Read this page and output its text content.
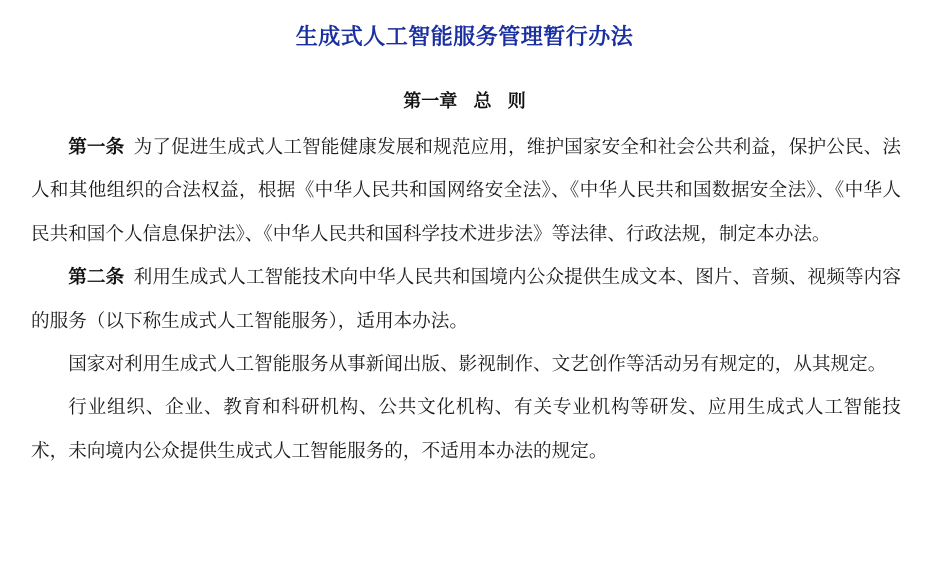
生成式人工智能服务管理暂行办法
第一章 总 则

第一条 为了促进生成式人工智能健康发展和规范应用，维护国家安全和社会公共利益，保护公民、法人和其他组织的合法权益，根据《中华人民共和国网络安全法》、《中华人民共和国数据安全法》、《中华人民共和国个人信息保护法》、《中华人民共和国科学技术进步法》等法律、行政法规，制定本办法。

第二条 利用生成式人工智能技术向中华人民共和国境内公众提供生成文本、图片、音频、视频等内容的服务（以下称生成式人工智能服务），适用本办法。

国家对利用生成式人工智能服务从事新闻出版、影视制作、文艺创作等活动另有规定的，从其规定。

行业组织、企业、教育和科研机构、公共文化机构、有关专业机构等研发、应用生成式人工智能技术，未向境内公众提供生成式人工智能服务的，不适用本办法的规定。
